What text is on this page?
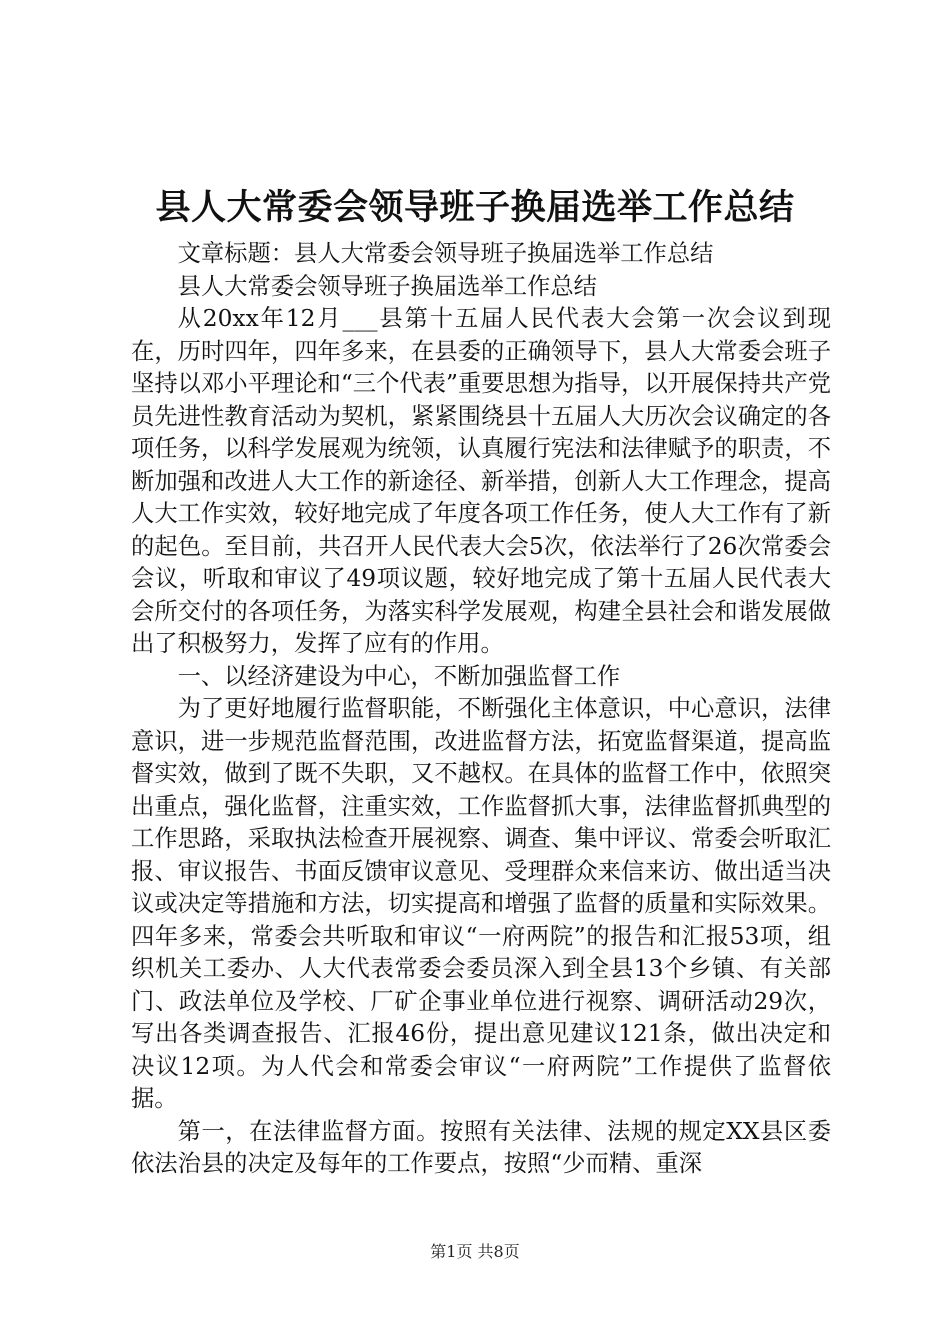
县人大常委会领导班子换届选举工作总结

文章标题：县人大常委会领导班子换届选举工作总结

县人大常委会领导班子换届选举工作总结

从20xx年12月___县第十五届人民代表大会第一次会议到现在，历时四年，四年多来，在县委的正确领导下，县人大常委会班子坚持以邓小平理论和“三个代表”重要思想为指导，以开展保持共产党员先进性教育活动为契机，紧紧围绕县十五届人大历次会议确定的各项任务，以科学发展观为统领，认真履行宪法和法律赋予的职责，不断加强和改进人大工作的新途径、新举措，创新人大工作理念，提高人大工作实效，较好地完成了年度各项工作任务，使人大工作有了新的起色。至目前，共召开人民代表大会5次，依法举行了26次常委会会议，听取和审议了49项议题，较好地完成了第十五届人民代表大会所交付的各项任务，为落实科学发展观，构建全县社会和谐发展做出了积极努力，发挥了应有的作用。

一、以经济建设为中心，不断加强监督工作

为了更好地履行监督职能，不断强化主体意识，中心意识，法律意识，进一步规范监督范围，改进监督方法，拓宽监督渠道，提高监督实效，做到了既不失职，又不越权。在具体的监督工作中，依照突出重点，强化监督，注重实效，工作监督抓大事，法律监督抓典型的工作思路，采取执法检查开展视察、调查、集中评议、常委会听取汇报、审议报告、书面反馈审议意见、受理群众来信来访、做出适当决议或决定等措施和方法，切实提高和增强了监督的质量和实际效果。四年多来，常委会共听取和审议“一府两院”的报告和汇报53项，组织机关工委办、人大代表常委会委员深入到全县13个乡镇、有关部门、政法单位及学校、厂矿企事业单位进行视察、调研活动29次，写出各类调查报告、汇报46份，提出意见建议121条，做出决定和决议12项。为人代会和常委会审议“一府两院”工作提供了监督依据。

第一，在法律监督方面。按照有关法律、法规的规定XX县区委依法治县的决定及每年的工作要点，按照“少而精、重深

第1页 共8页
